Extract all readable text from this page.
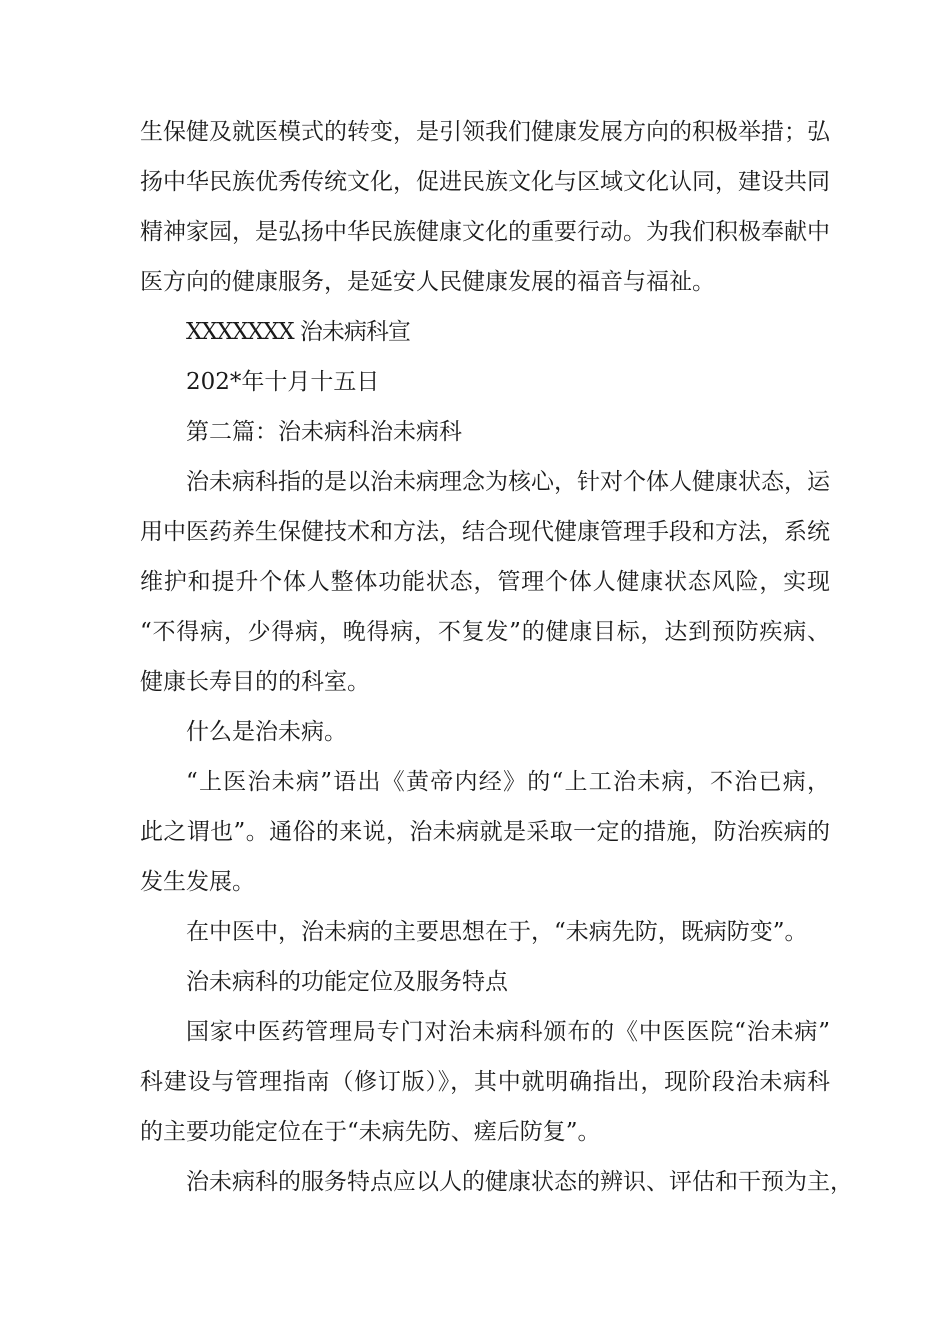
生保健及就医模式的转变，是引领我们健康发展方向的积极举措；弘
扬中华民族优秀传统文化，促进民族文化与区域文化认同，建设共同
精神家园，是弘扬中华民族健康文化的重要行动。为我们积极奉献中
医方向的健康服务，是延安人民健康发展的福音与福祉。
XXXXXXX 治未病科宣
202*年十月十五日
第二篇：治未病科治未病科
治未病科指的是以治未病理念为核心，针对个体人健康状态，运
用中医药养生保健技术和方法，结合现代健康管理手段和方法，系统
维护和提升个体人整体功能状态，管理个体人健康状态风险，实现
“不得病，少得病，晚得病，不复发”的健康目标，达到预防疾病、
健康长寿目的的科室。
什么是治未病。
“上医治未病”语出《黄帝内经》的“上工治未病，不治已病，
此之谓也”。通俗的来说，治未病就是采取一定的措施，防治疾病的
发生发展。
在中医中，治未病的主要思想在于，“未病先防，既病防变”。
治未病科的功能定位及服务特点
国家中医药管理局专门对治未病科颁布的《中医医院“治未病”
科建设与管理指南（修订版）》，其中就明确指出，现阶段治未病科
的主要功能定位在于“未病先防、瘥后防复”。
治未病科的服务特点应以人的健康状态的辨识、评估和干预为主，
